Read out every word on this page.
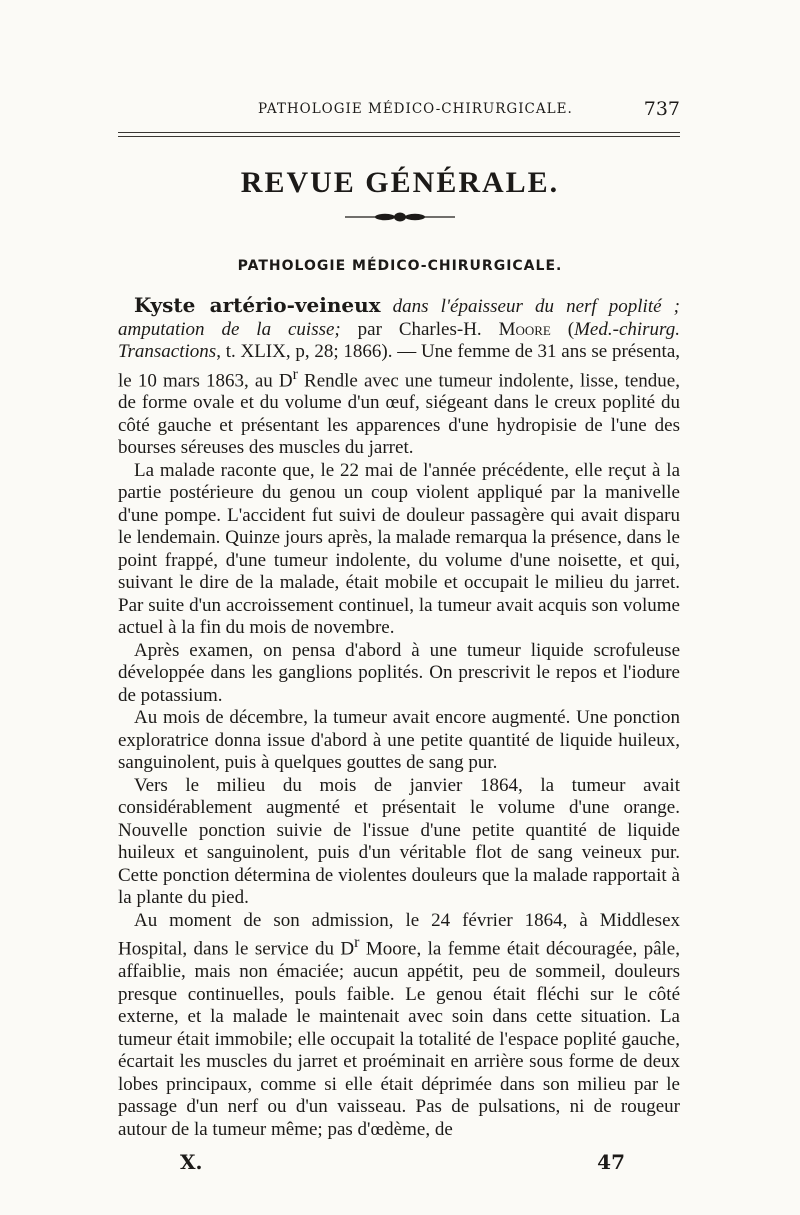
PATHOLOGIE MÉDICO-CHIRURGICALE.	737
REVUE GÉNÉRALE.
PATHOLOGIE MÉDICO-CHIRURGICALE.

Kyste artério-veineux dans l'épaisseur du nerf poplité ; amputation de la cuisse; par Charles-H. Moore (Med.-chirurg. Transactions, t. XLIX, p, 28; 1866). — Une femme de 31 ans se présenta, le 10 mars 1863, au $D^r$ Rendle avec une tumeur indolente, lisse, tendue, de forme ovale et du volume d'un œuf, siégeant dans le creux poplité du côté gauche et présentant les apparences d'une hydropisie de l'une des bourses séreuses des muscles du jarret.

La malade raconte que, le 22 mai de l'année précédente, elle reçut à la partie postérieure du genou un coup violent appliqué par la manivelle d'une pompe. L'accident fut suivi de douleur passagère qui avait disparu le lendemain. Quinze jours après, la malade remarqua la présence, dans le point frappé, d'une tumeur indolente, du volume d'une noisette, et qui, suivant le dire de la malade, était mobile et occupait le milieu du jarret. Par suite d'un accroissement continuel, la tumeur avait acquis son volume actuel à la fin du mois de novembre.

Après examen, on pensa d'abord à une tumeur liquide scrofuleuse développée dans les ganglions poplités. On prescrivit le repos et l'iodure de potassium.

Au mois de décembre, la tumeur avait encore augmenté. Une ponction exploratrice donna issue d'abord à une petite quantité de liquide huileux, sanguinolent, puis à quelques gouttes de sang pur.

Vers le milieu du mois de janvier 1864, la tumeur avait considérablement augmenté et présentait le volume d'une orange. Nouvelle ponction suivie de l'issue d'une petite quantité de liquide huileux et sanguinolent, puis d'un véritable flot de sang veineux pur. Cette ponction détermina de violentes douleurs que la malade rapportait à la plante du pied.

Au moment de son admission, le 24 février 1864, à Middlesex Hospital, dans le service du $D^r$ Moore, la femme était découragée, pâle, affaiblie, mais non émaciée; aucun appétit, peu de sommeil, douleurs presque continuelles, pouls faible. Le genou était fléchi sur le côté externe, et la malade le maintenait avec soin dans cette situation. La tumeur était immobile; elle occupait la totalité de l'espace poplité gauche, écartait les muscles du jarret et proéminait en arrière sous forme de deux lobes principaux, comme si elle était déprimée dans son milieu par le passage d'un nerf ou d'un vaisseau. Pas de pulsations, ni de rougeur autour de la tumeur même; pas d'œdème, de

X.	47
